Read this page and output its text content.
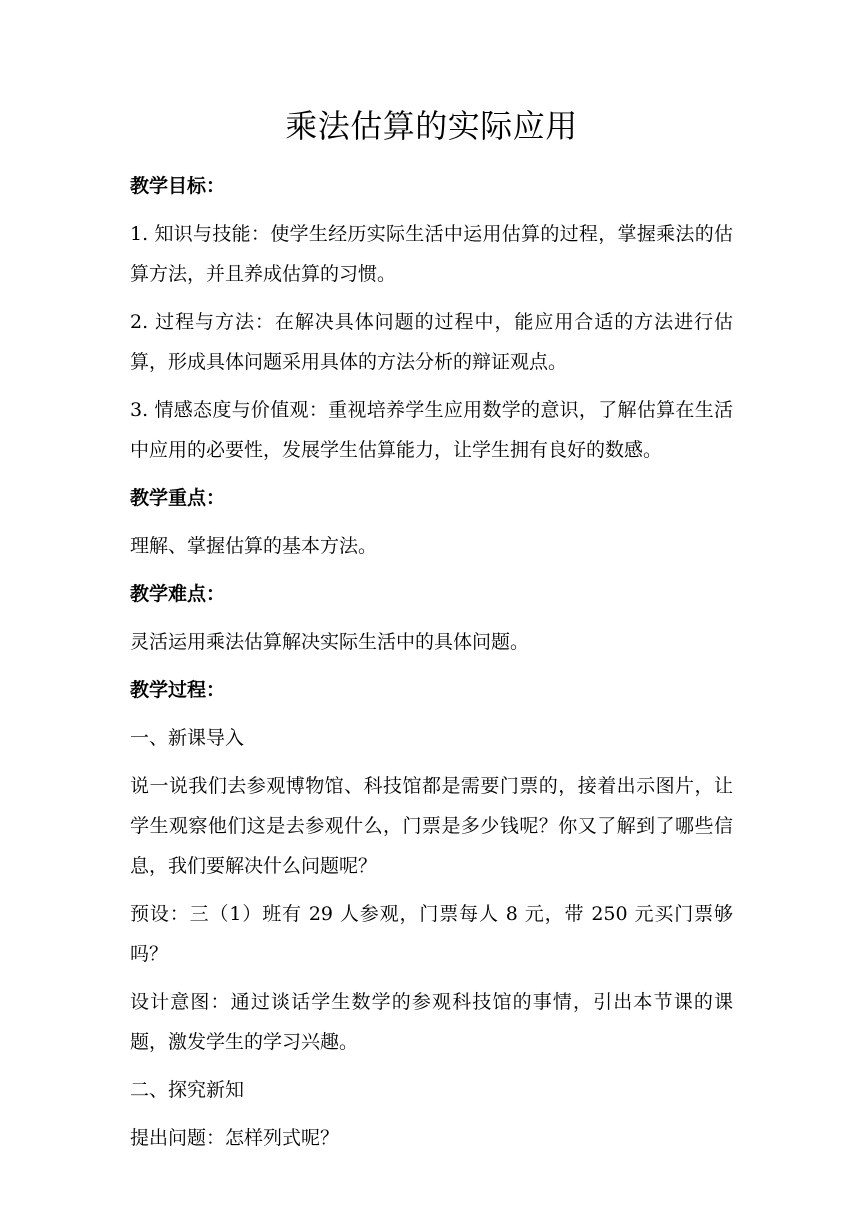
乘法估算的实际应用
教学目标：

1. 知识与技能：使学生经历实际生活中运用估算的过程，掌握乘法的估算方法，并且养成估算的习惯。

2. 过程与方法：在解决具体问题的过程中，能应用合适的方法进行估算，形成具体问题采用具体的方法分析的辩证观点。

3. 情感态度与价值观：重视培养学生应用数学的意识，了解估算在生活中应用的必要性，发展学生估算能力，让学生拥有良好的数感。

教学重点：

理解、掌握估算的基本方法。

教学难点：

灵活运用乘法估算解决实际生活中的具体问题。

教学过程：

一、新课导入

说一说我们去参观博物馆、科技馆都是需要门票的，接着出示图片，让学生观察他们这是去参观什么，门票是多少钱呢？你又了解到了哪些信息，我们要解决什么问题呢？

预设：三（1）班有 29 人参观，门票每人 8 元，带 250 元买门票够吗？

设计意图：通过谈话学生数学的参观科技馆的事情，引出本节课的课题，激发学生的学习兴趣。

二、探究新知

提出问题：怎样列式呢？
